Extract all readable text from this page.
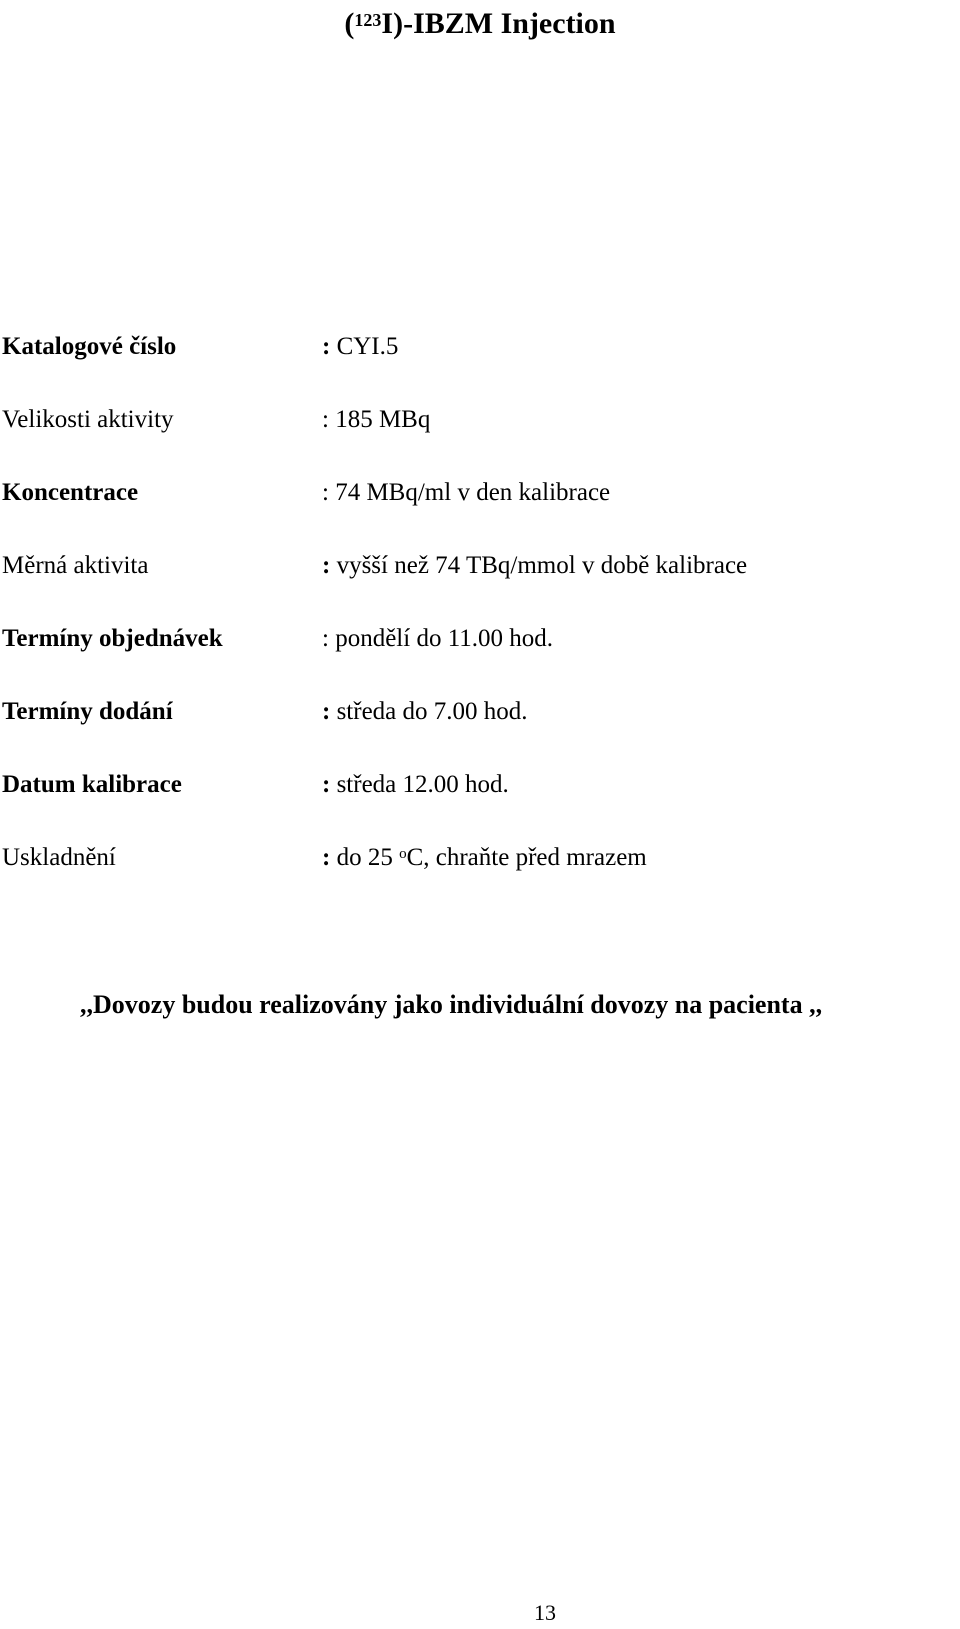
($^{123}$I)-IBZM Injection
Katalogové číslo	: CYI.5
Velikosti aktivity	: 185 MBq
Koncentrace	: 74 MBq/ml v den kalibrace
Měrná aktivita	: vyšší než 74 TBq/mmol v době kalibrace
Termíny objednávek	: pondělí do 11.00 hod.
Termíny dodání	: středa do 7.00 hod.
Datum kalibrace	: středa 12.00 hod.
Uskladnění	: do 25 $^o$C, chraňte před mrazem
,,Dovozy budou realizovány jako individuální dovozy na pacienta ,,
13
